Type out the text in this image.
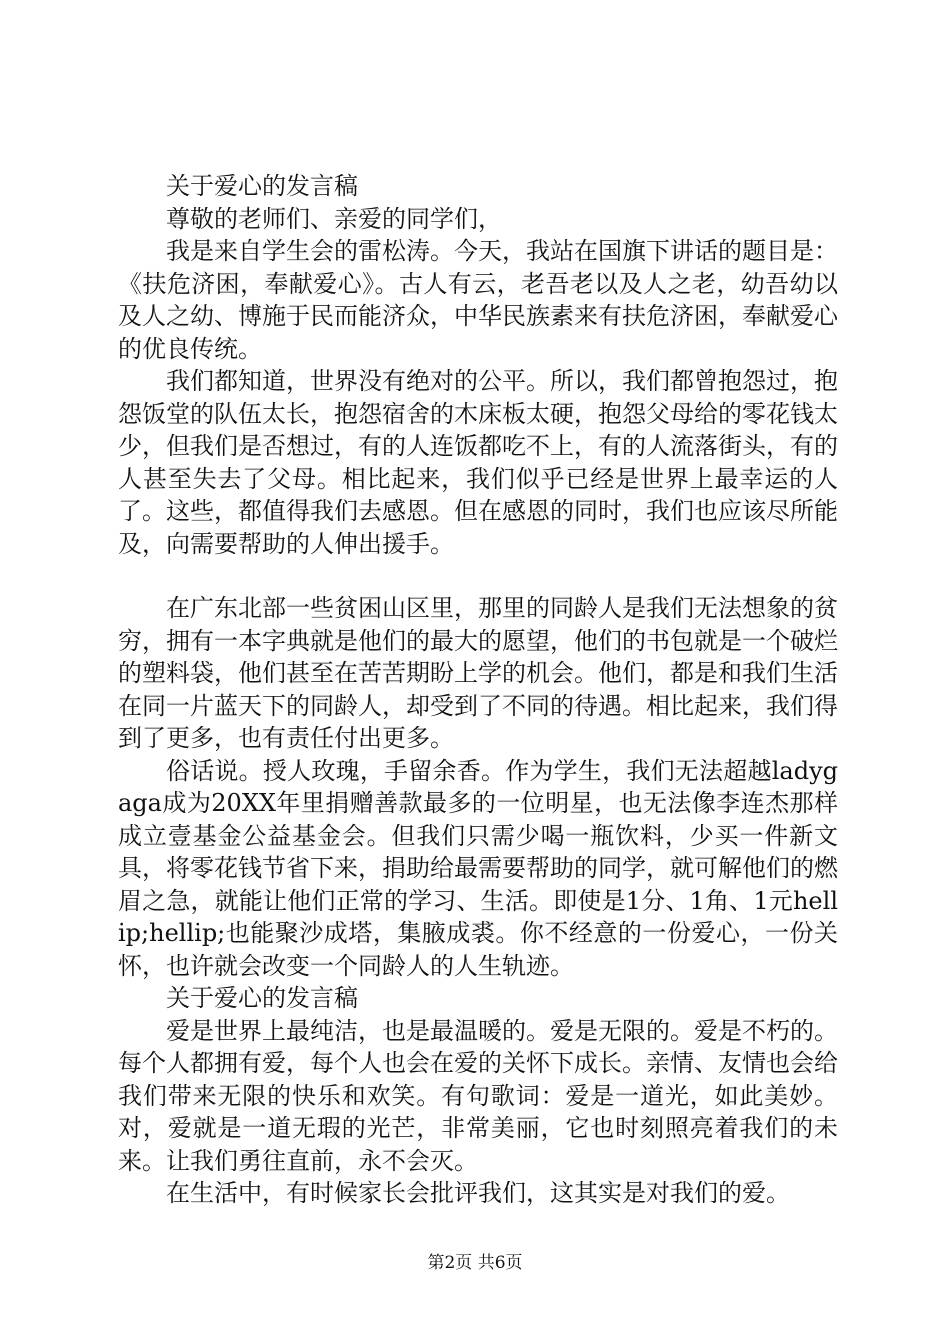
关于爱心的发言稿

尊敬的老师们、亲爱的同学们，

我是来自学生会的雷松涛。今天，我站在国旗下讲话的题目是：《扶危济困，奉献爱心》。古人有云，老吾老以及人之老，幼吾幼以及人之幼、博施于民而能济众，中华民族素来有扶危济困，奉献爱心的优良传统。

我们都知道，世界没有绝对的公平。所以，我们都曾抱怨过，抱怨饭堂的队伍太长，抱怨宿舍的木床板太硬，抱怨父母给的零花钱太少，但我们是否想过，有的人连饭都吃不上，有的人流落街头，有的人甚至失去了父母。相比起来，我们似乎已经是世界上最幸运的人了。这些，都值得我们去感恩。但在感恩的同时，我们也应该尽所能及，向需要帮助的人伸出援手。

在广东北部一些贫困山区里，那里的同龄人是我们无法想象的贫穷，拥有一本字典就是他们的最大的愿望，他们的书包就是一个破烂的塑料袋，他们甚至在苦苦期盼上学的机会。他们，都是和我们生活在同一片蓝天下的同龄人，却受到了不同的待遇。相比起来，我们得到了更多，也有责任付出更多。

俗话说。授人玫瑰，手留余香。作为学生，我们无法超越ladygaga成为20XX年里捐赠善款最多的一位明星，也无法像李连杰那样成立壹基金公益基金会。但我们只需少喝一瓶饮料，少买一件新文具，将零花钱节省下来，捐助给最需要帮助的同学，就可解他们的燃眉之急，就能让他们正常的学习、生活。即使是1分、1角、1元hellip;hellip;也能聚沙成塔，集腋成裘。你不经意的一份爱心，一份关怀，也许就会改变一个同龄人的人生轨迹。

关于爱心的发言稿

爱是世界上最纯洁，也是最温暖的。爱是无限的。爱是不朽的。每个人都拥有爱，每个人也会在爱的关怀下成长。亲情、友情也会给我们带来无限的快乐和欢笑。有句歌词：爱是一道光，如此美妙。对，爱就是一道无瑕的光芒，非常美丽，它也时刻照亮着我们的未来。让我们勇往直前，永不会灭。

在生活中，有时候家长会批评我们，这其实是对我们的爱。

第2页 共6页
